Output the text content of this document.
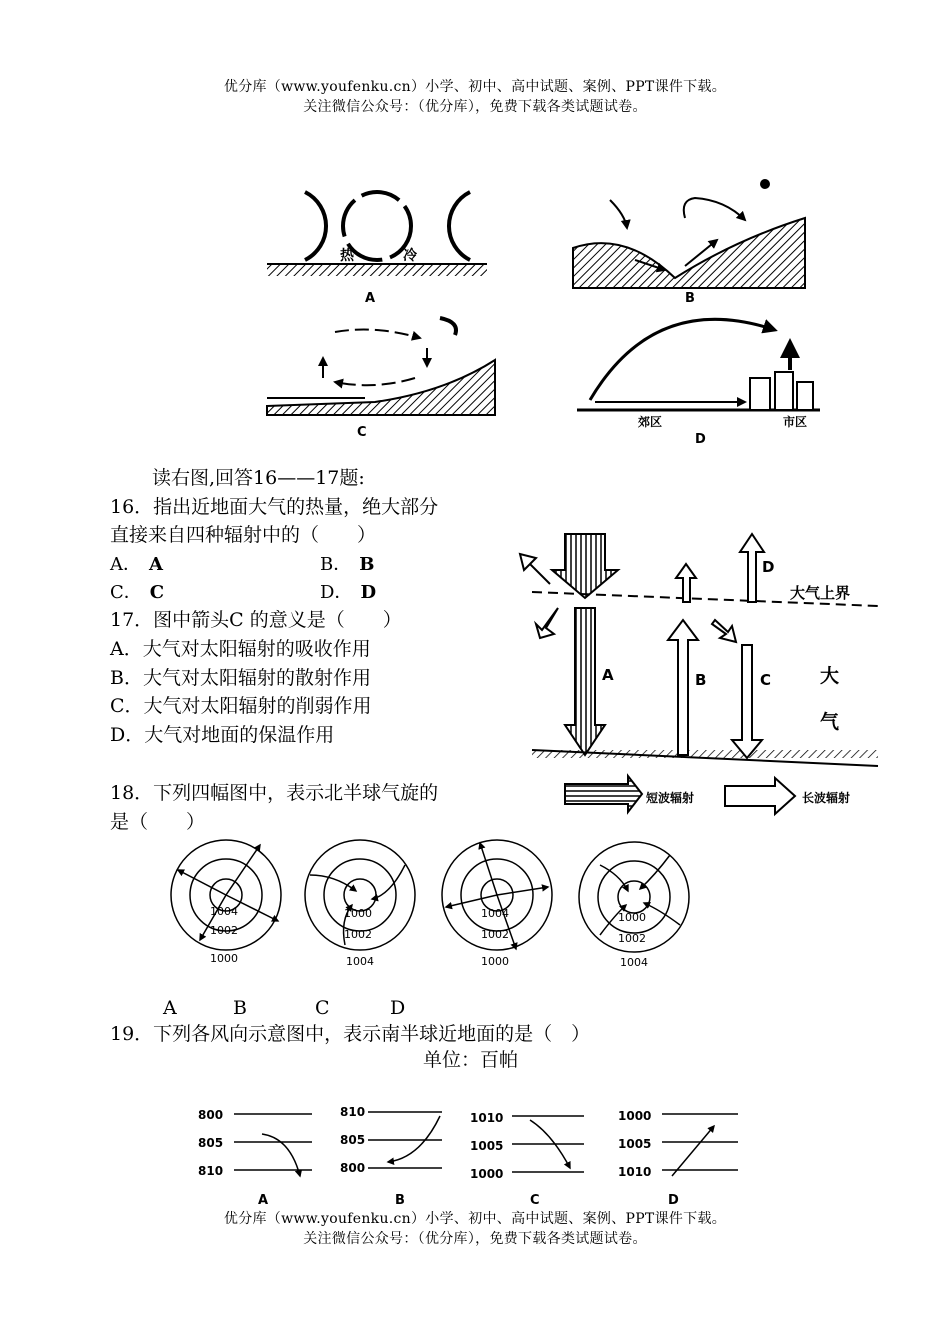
优分库（www.youfenku.cn）小学、初中、高中试题、案例、PPT课件下载。
关注微信公众号：（优分库），免费下载各类试题试卷。
热	冷
A	B
C
郊区	市区
D
读右图,回答16——17题:
16．指出近地面大气的热量，绝大部分
直接来自四种辐射中的（　　）
A． A	B． B
C． C	D． D
17．图中箭头C 的意义是（　　）
A．大气对太阳辐射的吸收作用
B．大气对太阳辐射的散射作用
C．大气对太阳辐射的削弱作用
D．大气对地面的保温作用
大气上界
A	B	C
D
大
气
短波辐射	长波辐射
18．下列四幅图中，表示北半球气旋的
是（　　）
1004
1002
1000
1000
1002
1004
1004
1002
1000
1000
1002
1004
A	B	C	D
19．下列各风向示意图中，表示南半球近地面的是（　）
单位：百帕
800
805
810
A
810
805
800
B
1010
1005
1000
C
1000
1005
1010
D
优分库（www.youfenku.cn）小学、初中、高中试题、案例、PPT课件下载。
关注微信公众号：（优分库），免费下载各类试题试卷。
